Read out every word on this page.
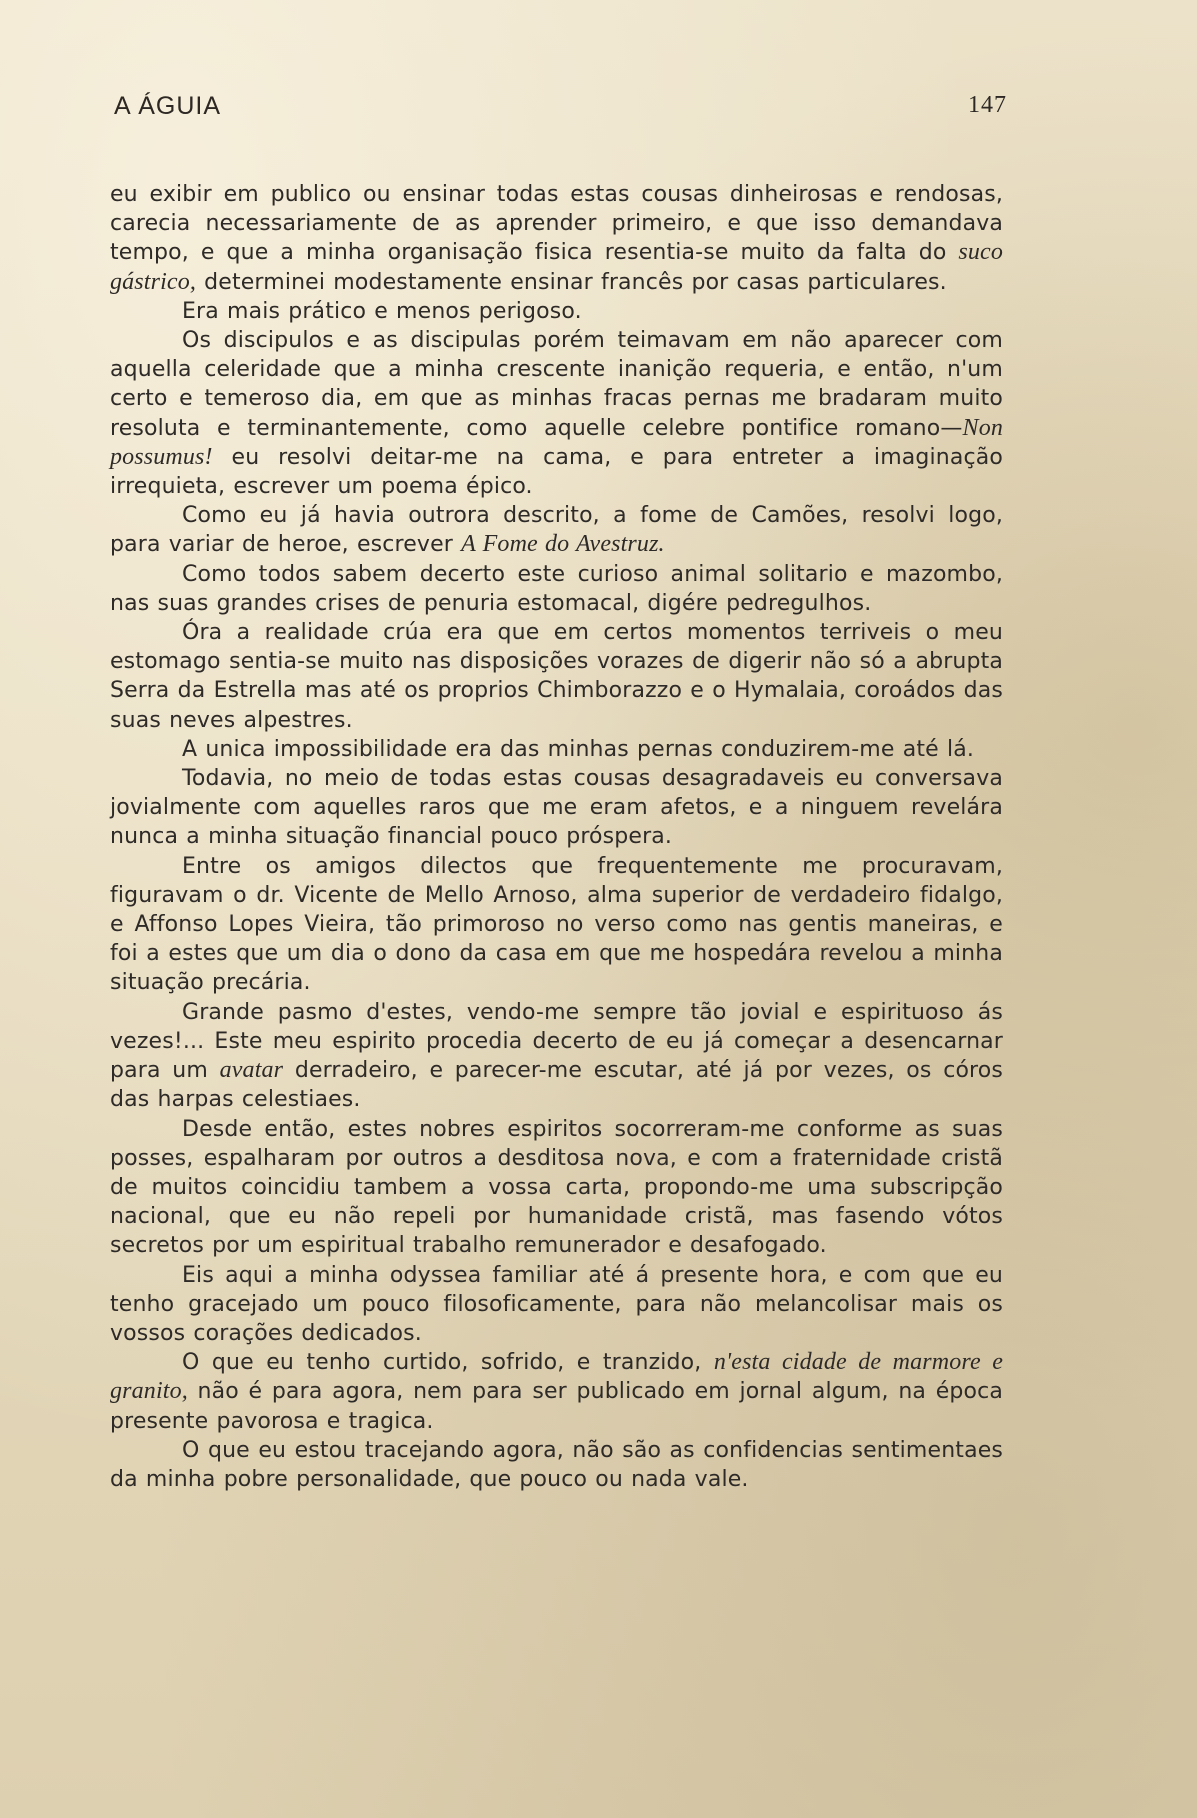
A ÁGUIA	147

eu exibir em publico ou ensinar todas estas cousas dinheirosas e rendosas, carecia necessariamente de as aprender primeiro, e que isso demandava tempo, e que a minha organisação fisica resentia-se muito da falta do suco gástrico, determinei modestamente ensinar francês por casas particulares.

Era mais prático e menos perigoso.

Os discipulos e as discipulas porém teimavam em não aparecer com aquella celeridade que a minha crescente inanição requeria, e então, n'um certo e temeroso dia, em que as minhas fracas pernas me bradaram muito resoluta e terminantemente, como aquelle celebre pontifice romano—Non possumus! eu resolvi deitar-me na cama, e para entreter a imaginação irrequieta, escrever um poema épico.

Como eu já havia outrora descrito, a fome de Camões, resolvi logo, para variar de heroe, escrever A Fome do Avestruz.

Como todos sabem decerto este curioso animal solitario e mazombo, nas suas grandes crises de penuria estomacal, digére pedregulhos.

Óra a realidade crúa era que em certos momentos terriveis o meu estomago sentia-se muito nas disposições vorazes de digerir não só a abrupta Serra da Estrella mas até os proprios Chimborazzo e o Hymalaia, coroádos das suas neves alpestres.

A unica impossibilidade era das minhas pernas conduzirem-me até lá.

Todavia, no meio de todas estas cousas desagradaveis eu conversava jovialmente com aquelles raros que me eram afetos, e a ninguem revelára nunca a minha situação financial pouco próspera.

Entre os amigos dilectos que frequentemente me procuravam, figuravam o dr. Vicente de Mello Arnoso, alma superior de verdadeiro fidalgo, e Affonso Lopes Vieira, tão primoroso no verso como nas gentis maneiras, e foi a estes que um dia o dono da casa em que me hospedára revelou a minha situação precária.

Grande pasmo d'estes, vendo-me sempre tão jovial e espirituoso ás vezes!... Este meu espirito procedia decerto de eu já começar a desencarnar para um avatar derradeiro, e parecer-me escutar, até já por vezes, os córos das harpas celestiaes.

Desde então, estes nobres espiritos socorreram-me conforme as suas posses, espalharam por outros a desditosa nova, e com a fraternidade cristã de muitos coincidiu tambem a vossa carta, propondo-me uma subscripção nacional, que eu não repeli por humanidade cristã, mas fasendo vótos secretos por um espiritual trabalho remunerador e desafogado.

Eis aqui a minha odyssea familiar até á presente hora, e com que eu tenho gracejado um pouco filosoficamente, para não melancolisar mais os vossos corações dedicados.

O que eu tenho curtido, sofrido, e tranzido, n'esta cidade de marmore e granito, não é para agora, nem para ser publicado em jornal algum, na época presente pavorosa e tragica.

O que eu estou tracejando agora, não são as confidencias sentimentaes da minha pobre personalidade, que pouco ou nada vale.
